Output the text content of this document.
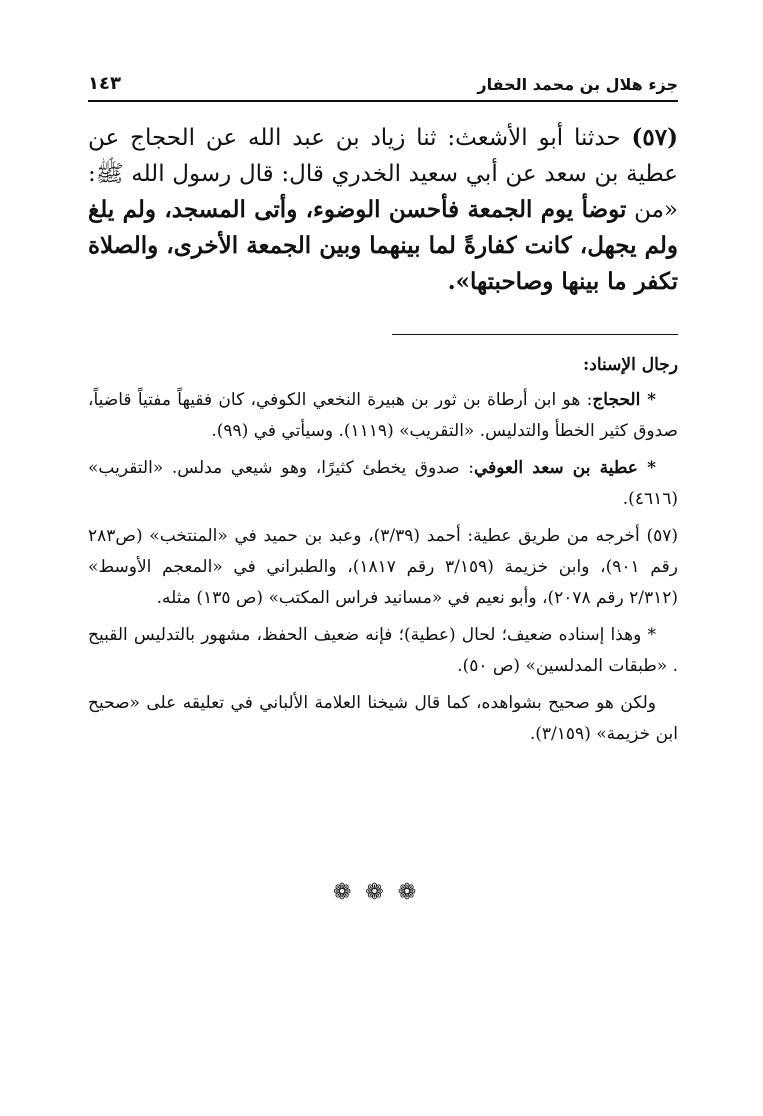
جزء هلال بن محمد الحفار
١٤٣
(٥٧) حدثنا أبو الأشعث: ثنا زياد بن عبد الله عن الحجاج عن عطية بن سعد عن أبي سعيد الخدري قال: قال رسول الله ﷺ: «من توضأ يوم الجمعة فأحسن الوضوء، وأتى المسجد، ولم يلغ ولم يجهل، كانت كفارةً لما بينهما وبين الجمعة الأخرى، والصلاة تكفر ما بينها وصاحبتها».

رجال الإسناد:

* الحجاج: هو ابن أرطاة بن ثور بن هبيرة النخعي الكوفي، كان فقيهاً مفتياً قاضياً، صدوق كثير الخطأ والتدليس. «التقريب» (١١١٩). وسيأتي في (٩٩).

* عطية بن سعد العوفي: صدوق يخطئ كثيرًا، وهو شيعي مدلس. «التقريب» (٤٦١٦).

(٥٧) أخرجه من طريق عطية: أحمد (٣/٣٩)، وعبد بن حميد في «المنتخب» (ص٢٨٣ رقم ٩٠١)، وابن خزيمة (٣/١٥٩ رقم ١٨١٧)، والطبراني في «المعجم الأوسط» (٢/٣١٢ رقم ٢٠٧٨)، وأبو نعيم في «مسانيد فراس المكتب» (ص ١٣٥) مثله.

* وهذا إسناده ضعيف؛ لحال (عطية)؛ فإنه ضعيف الحفظ، مشهور بالتدليس القبيح . «طبقات المدلسين» (ص ٥٠).

ولكن هو صحيح بشواهده، كما قال شيخنا العلامة الألباني في تعليقه على «صحيح ابن خزيمة» (٣/١٥٩).

❁❁❁
